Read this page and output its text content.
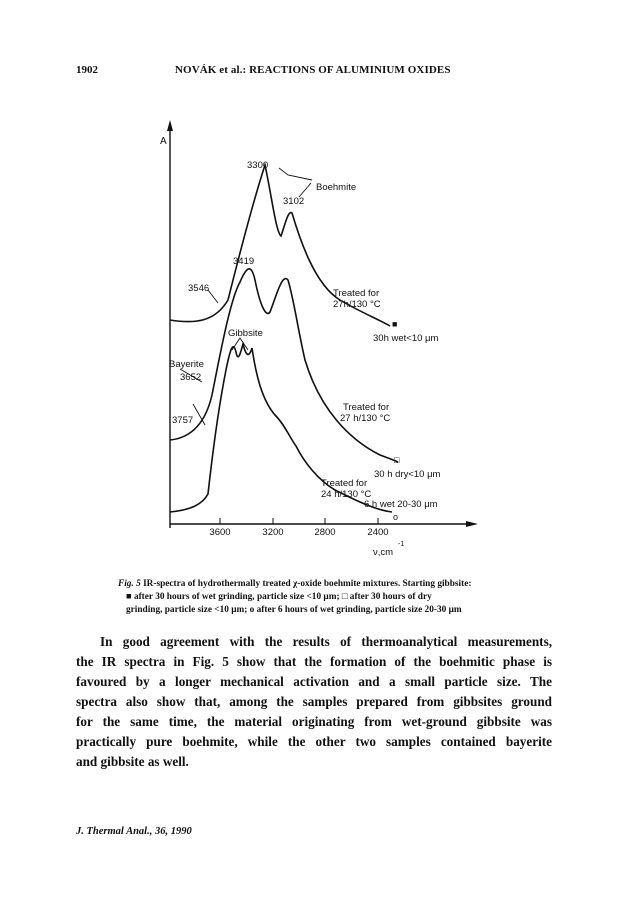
1902	NOVÁK et al.: REACTIONS OF ALUMINIUM OXIDES
A
3600	3200	2800	2400
ν,cm
-1
3300
Boehmite
3102
3419
3546
Gibbsite
Bayerite
3652
3757
Treated for
27h/130 °C
■
30h wet<10 μm
Treated for
27 h/130 °C
□
30 h dry<10 μm
Treated for
24 h/130 °C
6 h wet 20-30 μm
o
Fig. 5 IR-spectra of hydrothermally treated χ-oxide boehmite mixtures. Starting gibbsite:
■ after 30 hours of wet grinding, particle size <10 μm; □ after 30 hours of dry
grinding, particle size <10 μm; o after 6 hours of wet grinding, particle size 20-30 μm
In good agreement with the results of thermoanalytical measurements,
the IR spectra in Fig. 5 show that the formation of the boehmitic phase is
favoured by a longer mechanical activation and a small particle size. The
spectra also show that, among the samples prepared from gibbsites ground
for the same time, the material originating from wet-ground gibbsite was
practically pure boehmite, while the other two samples contained bayerite
and gibbsite as well.
J. Thermal Anal., 36, 1990
